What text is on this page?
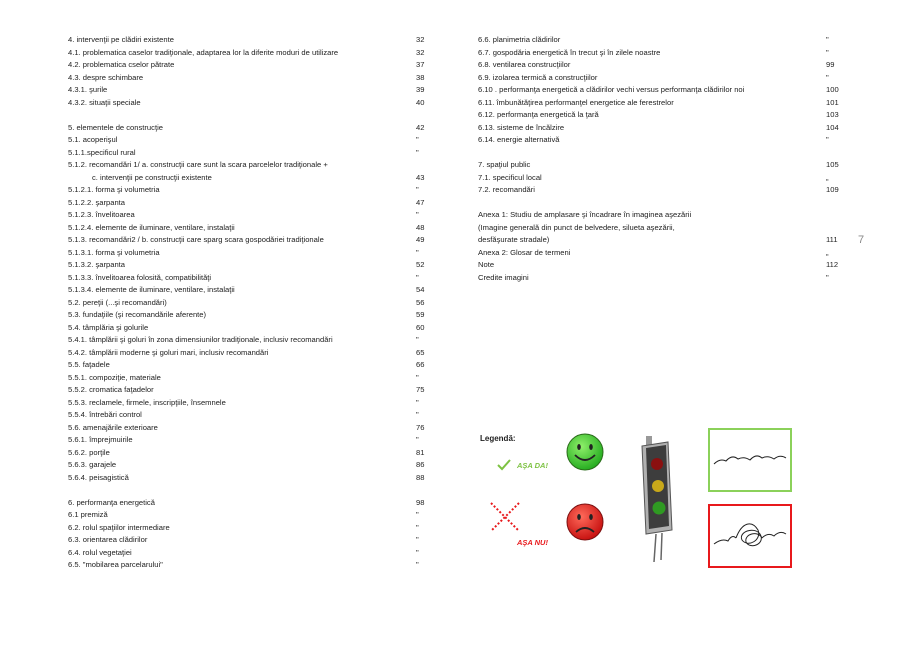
4. intervenţii pe clădiri existente	32
4.1. problematica caselor tradiţionale, adaptarea lor la diferite moduri de utilizare	32
4.2. problematica cselor pătrate	37
4.3. despre schimbare	38
4.3.1. şurile	39
4.3.2. situaţii speciale	40
5. elementele de construcţie	42
5.1. acoperişul	"
5.1.1.specificul rural	"
5.1.2. recomandări 1/ a. construcţii care sunt la scara parcelelor tradiţionale +
c. intervenţii pe construcţii existente	43
5.1.2.1. forma şi volumetria	"
5.1.2.2. şarpanta	47
5.1.2.3. învelitoarea	"
5.1.2.4. elemente de iluminare, ventilare, instalaţii	48
5.1.3. recomandări2 / b. construcţii care sparg scara gospodăriei tradiţionale	49
5.1.3.1. forma şi volumetria	"
5.1.3.2. şarpanta	52
5.1.3.3. învelitoarea folosită, compatibilităţi	"
5.1.3.4. elemente de iluminare, ventilare, instalaţii	54
5.2. pereţii (...şi recomandări)	56
5.3. fundaţiile (şi recomandările aferente)	59
5.4. tâmplăria şi golurile	60
5.4.1. tâmplării şi goluri în zona dimensiunilor tradiţionale, inclusiv recomandări	"
5.4.2. tâmplării moderne şi goluri mari, inclusiv recomandări	65
5.5. faţadele	66
5.5.1. compoziţie, materiale	"
5.5.2. cromatica faţadelor	75
5.5.3. reclamele, firmele, inscripţiile, însemnele	"
5.5.4. întrebări control	"
5.6. amenajările exterioare	76
5.6.1. împrejmuirile	"
5.6.2. porţile	81
5.6.3. garajele	86
5.6.4. peisagistică	88
6. performanţa energetică	98
6.1 premiză	"
6.2. rolul spaţiilor intermediare	"
6.3. orientarea clădirilor	"
6.4. rolul vegetaţiei	"
6.5. "mobilarea parcelarului"	"
6.6. planimetria clădirilor	"
6.7. gospodăria energetică în trecut şi în zilele noastre	"
6.8. ventilarea construcţiilor	99
6.9. izolarea termică a construcţiilor	"
6.10 . performanţa energetică a clădirilor vechi versus performanţa clădirilor noi	100
6.11. îmbunătăţirea performanţel energetice ale ferestrelor	101
6.12. performanţa energetică la ţară	103
6.13. sisteme de încălzire	104
6.14. energie alternativă	"
7. spaţiul public	105
7.1. specificul local	„
7.2. recomandări	109
Anexa 1: Studiu de amplasare şi încadrare în imaginea aşezării
(Imagine generală din punct de belvedere, silueta aşezării,
desfăşurate stradale)	111
Anexa 2: Glosar de termeni	„
Note	112
Credite imagini	"
7
Legendă:
AŞA DA!
AŞA NU!
